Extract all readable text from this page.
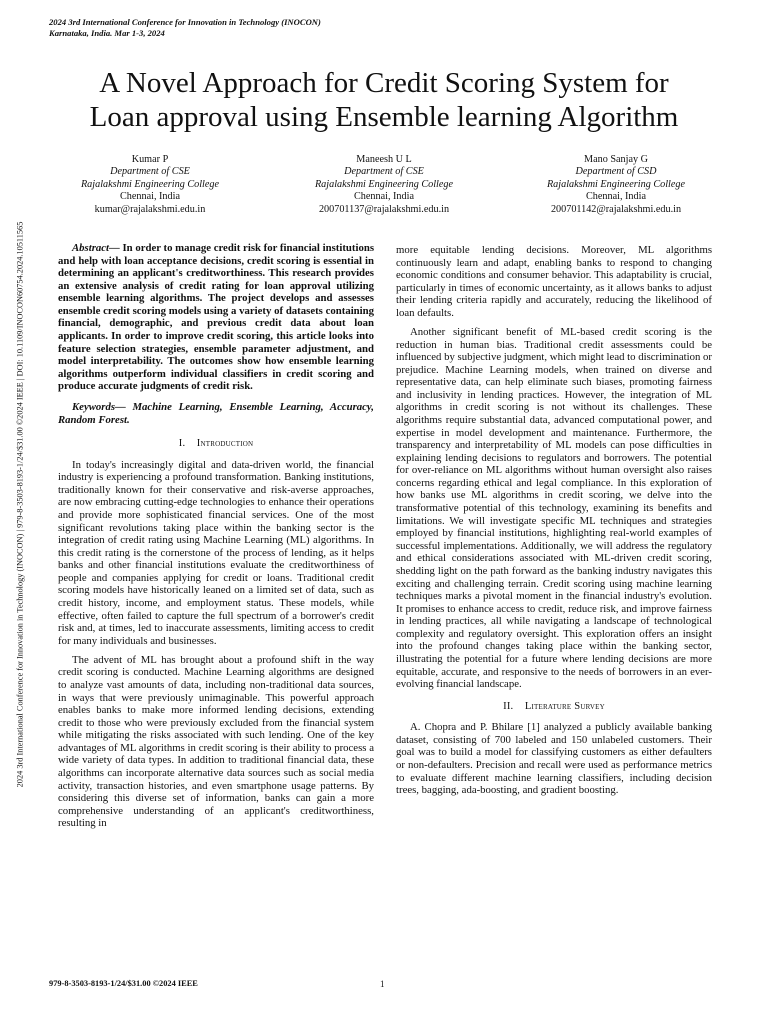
2024 3rd International Conference for Innovation in Technology (INOCON)
Karnataka, India. Mar 1-3, 2024
A Novel Approach for Credit Scoring System for
Loan approval using Ensemble learning Algorithm
Kumar P
Department of CSE
Rajalakshmi Engineering College
Chennai, India
kumar@rajalakshmi.edu.in
Maneesh U L
Department of CSE
Rajalakshmi Engineering College
Chennai, India
200701137@rajalakshmi.edu.in
Mano Sanjay G
Department of CSD
Rajalakshmi Engineering College
Chennai, India
200701142@rajalakshmi.edu.in
2024 3rd International Conference for Innovation in Technology (INOCON) | 979-8-3503-8193-1/24/$31.00 ©2024 IEEE | DOI: 10.1109/INOCON60754.2024.10511565	Abstract— In order to manage credit risk for financial institutions and help with loan acceptance decisions, credit scoring is essential in determining an applicant's creditworthiness. This research provides an extensive analysis of credit rating for loan approval utilizing ensemble learning algorithms. The project develops and assesses ensemble credit scoring models using a variety of datasets containing financial, demographic, and previous credit data about loan applicants. In order to improve credit scoring, this article looks into feature selection strategies, ensemble parameter adjustment, and model interpretability. The outcomes show how ensemble learning algorithms outperform individual classifiers in credit scoring and produce accurate judgments of credit risk.

Keywords— Machine Learning, Ensemble Learning, Accuracy, Random Forest.

I. Introduction

In today's increasingly digital and data-driven world, the financial industry is experiencing a profound transformation. Banking institutions, traditionally known for their conservative and risk-averse approaches, are now embracing cutting-edge technologies to enhance their operations and provide more sophisticated financial services. One of the most significant revolutions taking place within the banking sector is the integration of credit rating using Machine Learning (ML) algorithms. In this credit rating is the cornerstone of the process of lending, as it helps banks and other financial institutions evaluate the creditworthiness of people and companies applying for credit or loans. Traditional credit scoring models have historically leaned on a limited set of data, such as credit history, income, and employment status. These models, while effective, often failed to capture the full spectrum of a borrower's credit risk and, at times, led to inaccurate assessments, limiting access to credit for many individuals and businesses.

The advent of ML has brought about a profound shift in the way credit scoring is conducted. Machine Learning algorithms are designed to analyze vast amounts of data, including non-traditional data sources, in ways that were previously unimaginable. This powerful approach enables banks to make more informed lending decisions, extending credit to those who were previously excluded from the financial system while mitigating the risks associated with such lending. One of the key advantages of ML algorithms in credit scoring is their ability to process a wide variety of data types. In addition to traditional financial data, these algorithms can incorporate alternative data sources such as social media activity, transaction histories, and even smartphone usage patterns. By considering this diverse set of information, banks can gain a more comprehensive understanding of an applicant's creditworthiness, resulting in

more equitable lending decisions. Moreover, ML algorithms continuously learn and adapt, enabling banks to respond to changing economic conditions and consumer behavior. This adaptability is crucial, particularly in times of economic uncertainty, as it allows banks to adjust their lending criteria rapidly and accurately, reducing the likelihood of loan defaults.

Another significant benefit of ML-based credit scoring is the reduction in human bias. Traditional credit assessments could be influenced by subjective judgment, which might lead to discrimination or prejudice. Machine Learning models, when trained on diverse and representative data, can help eliminate such biases, promoting fairness and inclusivity in lending practices. However, the integration of ML algorithms in credit scoring is not without its challenges. These algorithms require substantial data, advanced computational power, and expertise in model development and maintenance. Furthermore, the transparency and interpretability of ML models can pose difficulties in explaining lending decisions to regulators and borrowers. The potential for over-reliance on ML algorithms without human oversight also raises concerns regarding ethical and legal compliance. In this exploration of how banks use ML algorithms in credit scoring, we delve into the transformative potential of this technology, examining its benefits and limitations. We will investigate specific ML techniques and strategies employed by financial institutions, highlighting real-world examples of successful implementations. Additionally, we will address the regulatory and ethical considerations associated with ML-driven credit scoring, shedding light on the path forward as the banking industry navigates this exciting and challenging terrain. Credit scoring using machine learning techniques marks a pivotal moment in the financial industry's evolution. It promises to enhance access to credit, reduce risk, and improve fairness in lending practices, all while navigating a landscape of technological complexity and regulatory oversight. This exploration offers an insight into the profound changes taking place within the banking sector, illustrating the potential for a future where lending decisions are more equitable, accurate, and responsive to the needs of borrowers in an ever-evolving financial landscape.

II. Literature Survey

A. Chopra and P. Bhilare [1] analyzed a publicly available banking dataset, consisting of 700 labeled and 150 unlabeled customers. Their goal was to build a model for classifying customers as either defaulters or non-defaulters. Precision and recall were used as performance metrics to evaluate different machine learning classifiers, including decision trees, bagging, ada-boosting, and gradient boosting.

979-8-3503-8193-1/24/$31.00 ©2024 IEEE	1
